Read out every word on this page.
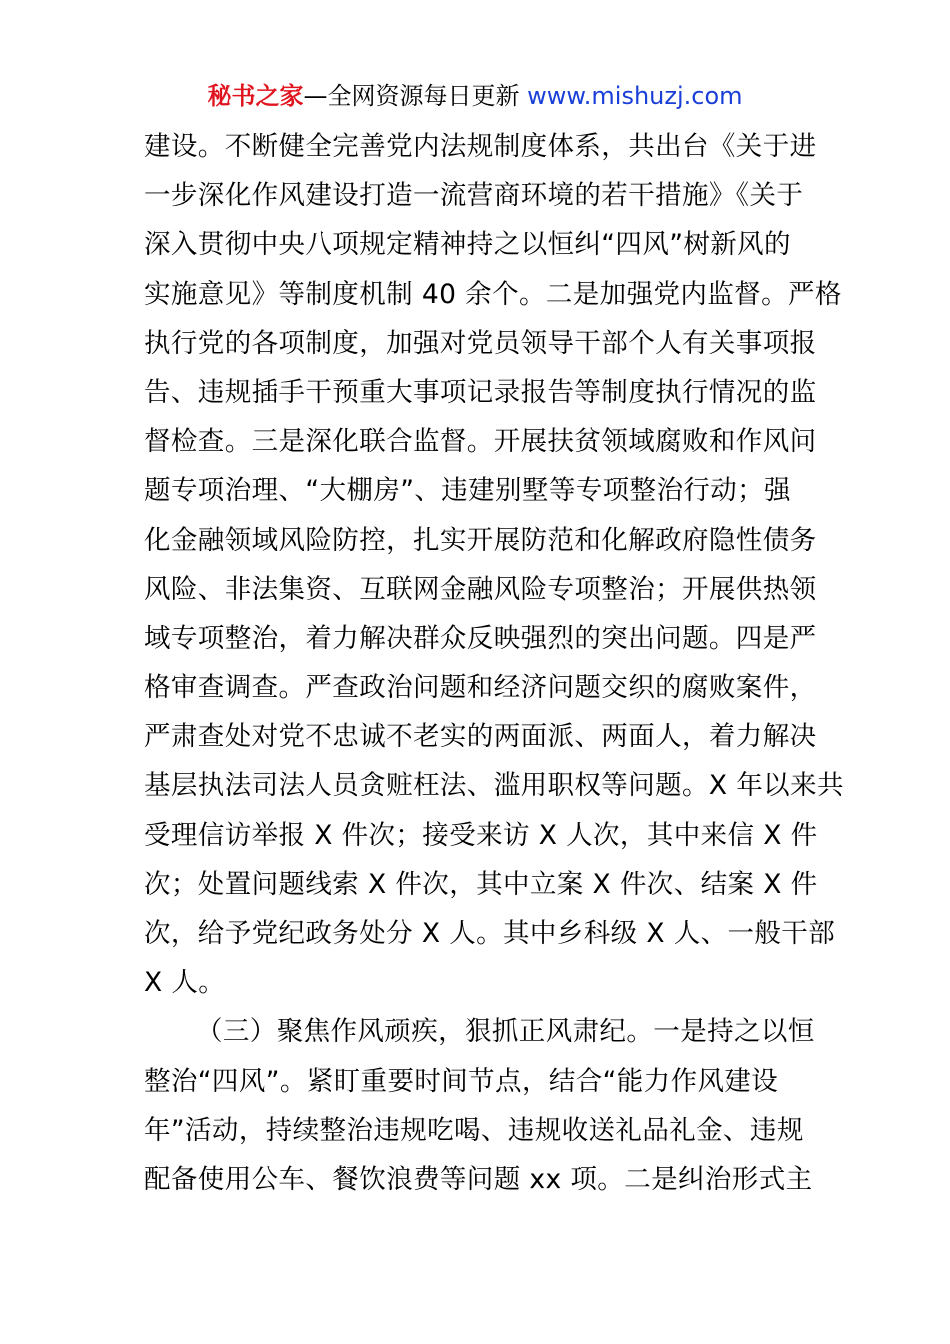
秘书之家—全网资源每日更新 www.mishuzj.com
建设。不断健全完善党内法规制度体系，共出台《关于进
一步深化作风建设打造一流营商环境的若干措施》《关于
深入贯彻中央八项规定精神持之以恒纠“四风”树新风的
实施意见》等制度机制 40 余个。二是加强党内监督。严格
执行党的各项制度，加强对党员领导干部个人有关事项报
告、违规插手干预重大事项记录报告等制度执行情况的监
督检查。三是深化联合监督。开展扶贫领域腐败和作风问
题专项治理、“大棚房”、违建别墅等专项整治行动；强
化金融领域风险防控，扎实开展防范和化解政府隐性债务
风险、非法集资、互联网金融风险专项整治；开展供热领
域专项整治，着力解决群众反映强烈的突出问题。四是严
格审查调查。严查政治问题和经济问题交织的腐败案件，
严肃查处对党不忠诚不老实的两面派、两面人，着力解决
基层执法司法人员贪赃枉法、滥用职权等问题。X 年以来共
受理信访举报 X 件次；接受来访 X 人次，其中来信 X 件
次；处置问题线索 X 件次，其中立案 X 件次、结案 X 件
次，给予党纪政务处分 X 人。其中乡科级 X 人、一般干部
X 人。
（三）聚焦作风顽疾，狠抓正风肃纪。一是持之以恒
整治“四风”。紧盯重要时间节点，结合“能力作风建设
年”活动，持续整治违规吃喝、违规收送礼品礼金、违规
配备使用公车、餐饮浪费等问题 xx 项。二是纠治形式主
